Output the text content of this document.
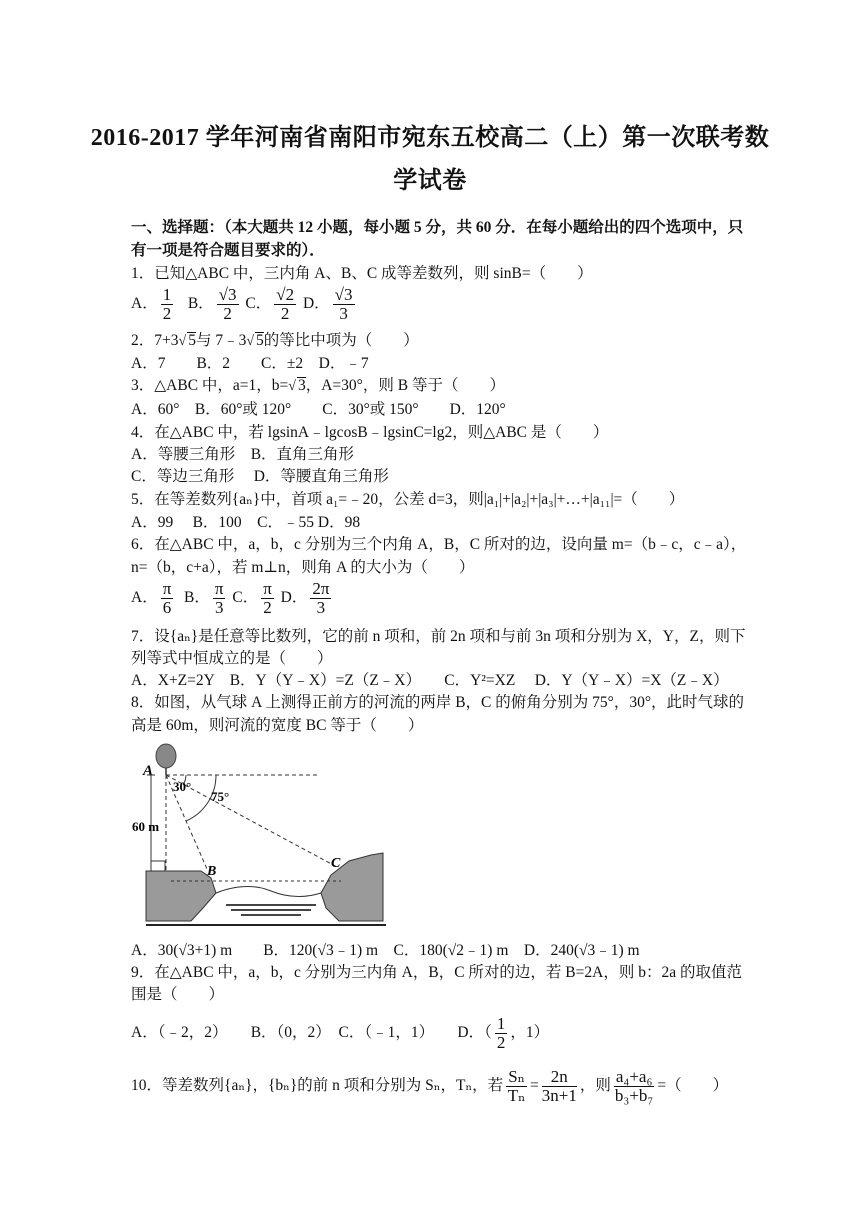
2016-2017 学年河南省南阳市宛东五校高二（上）第一次联考数
学试卷
一、选择题：（本大题共 12 小题，每小题 5 分，共 60 分．在每小题给出的四个选项中，只
有一项是符合题目要求的）．
1．已知△ABC 中，三内角 A、B、C 成等差数列，则 sinB=（　　）
A． $\frac{1}{2}$ B． $\frac{√3}{2}$ C． $\frac{√2}{2}$ D． $\frac{√3}{3}$
2．7+3√ 5与 7﹣3√ 5的等比中项为（　　）
A．7　　B．2　　C．±2　D．﹣7
3．△ABC 中，a=1，b=√ 3，A=30°，则 B 等于（　　）
A．60°　B．60°或 120°　　C．30°或 150°　　D．120°
4．在△ABC 中，若 lgsinA﹣lgcosB﹣lgsinC=lg2，则△ABC 是（　　）
A．等腰三角形　B．直角三角形
C．等边三角形　 D．等腰直角三角形
5．在等差数列{aₙ}中，首项 a₁=﹣20，公差 d=3，则|a₁|+|a₂|+|a₃|+…+|a₁₁|=（　　）
A．99　 B．100　C．﹣55 D．98
6．在△ABC 中，a，b，c 分别为三个内角 A，B，C 所对的边，设向量 m=（b﹣c，c﹣a），
n=（b，c+a），若 m⊥n，则角 A 的大小为（　　）
A． $\frac{\pi}{6}$ B． $\frac{\pi}{3}$ C． $\frac{\pi}{2}$ D． $\frac{2\pi}{3}$
7．设{aₙ}是任意等比数列，它的前 n 项和，前 2n 项和与前 3n 项和分别为 X，Y，Z，则下
列等式中恒成立的是（　　）
A．X+Z=2Y　B．Y（Y﹣X）=Z（Z﹣X）　　C．Y²=XZ　 D．Y（Y﹣X）=X（Z﹣X）
8．如图，从气球 A 上测得正前方的河流的两岸 B，C 的俯角分别为 75°，30°，此时气球的
高是 60m，则河流的宽度 BC 等于（　　）
A
60 m
30°
75°
B
C
A．30(√3+1) m　　B．120(√3﹣1) m　C．180(√2﹣1) m　D．240(√3﹣1) m
9．在△ABC 中，a，b，c 分别为三内角 A，B，C 所对的边，若 B=2A，则 b：2a 的取值范
围是（　　）
A．（﹣2，2）　　B．（0，2）　C．（﹣1，1）　　D．（ $\frac{1}{2}$ ，1）
10．等差数列{aₙ}，{bₙ}的前 n 项和分别为 Sₙ，Tₙ，若 $\frac{\text{Sₙ}}{\text{Tₙ}} = \frac{2n}{3n+1}$ ，则 $\frac{\text{a₄+a₆}}{\text{b₃+b₇}}$ =（　　）
